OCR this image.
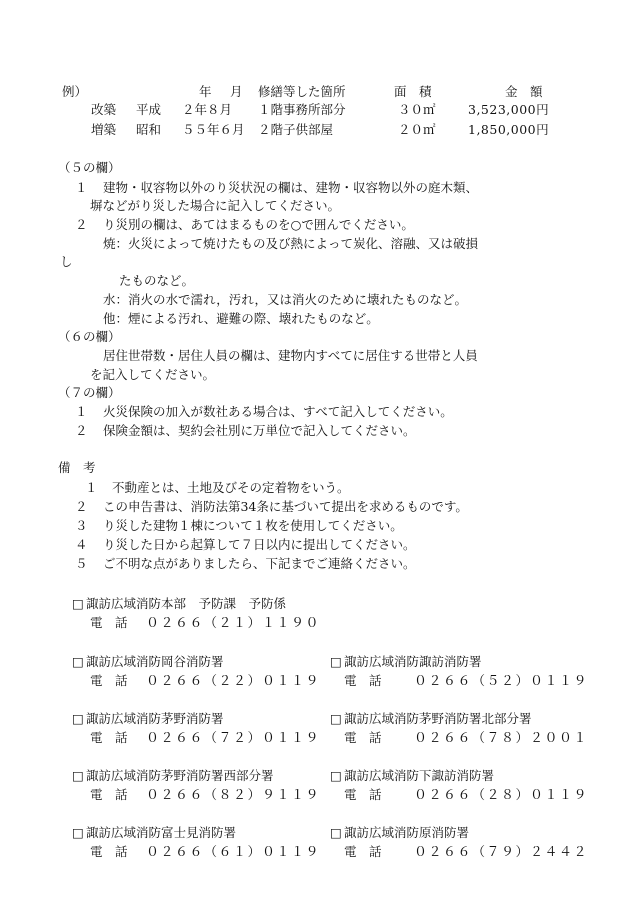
例）	年 月 修繕等した箇所	面　積	金　額
改築 平成 ２年８月 １階事務所部分	３０㎡	3,523,000円
増築 昭和 ５５年６月 ２階子供部屋	２０㎡	1,850,000円
（５の欄）
１ 建物・収容物以外のり災状況の欄は、建物・収容物以外の庭木類、
塀などがり災した場合に記入してください。
２ り災別の欄は、あてはまるものを○で囲んでください。
焼：火災によって焼けたもの及び熱によって炭化、溶融、又は破損
し
たものなど。
水：消火の水で濡れ，汚れ，又は消火のために壊れたものなど。
他：煙による汚れ、避難の際、壊れたものなど。
（６の欄）
居住世帯数・居住人員の欄は、建物内すべてに居住する世帯と人員
を記入してください。
（７の欄）
１ 火災保険の加入が数社ある場合は、すべて記入してください。
２ 保険金額は、契約会社別に万単位で記入してください。
備　考
１ 不動産とは、土地及びその定着物をいう。
２ この申告書は、消防法第34条に基づいて提出を求めるものです。
３ り災した建物１棟について１枚を使用してください。
４ り災した日から起算して７日以内に提出してください。
５ ご不明な点がありましたら、下記までご連絡ください。
□ 諏訪広域消防本部　予防課　予防係
電　話 ０２６６（２１）１１９０
□ 諏訪広域消防岡谷消防署
電　話 ０２６６（２２）０１１９
□ 諏訪広域消防諏訪消防署
電　話 ０２６６（５２）０１１９
□ 諏訪広域消防茅野消防署
電　話 ０２６６（７２）０１１９
□ 諏訪広域消防茅野消防署北部分署
電　話 ０２６６（７８）２００１
□ 諏訪広域消防茅野消防署西部分署
電　話 ０２６６（８２）９１１９
□ 諏訪広域消防下諏訪消防署
電　話 ０２６６（２８）０１１９
□ 諏訪広域消防富士見消防署
電　話 ０２６６（６１）０１１９
□ 諏訪広域消防原消防署
電　話 ０２６６（７９）２４４２
